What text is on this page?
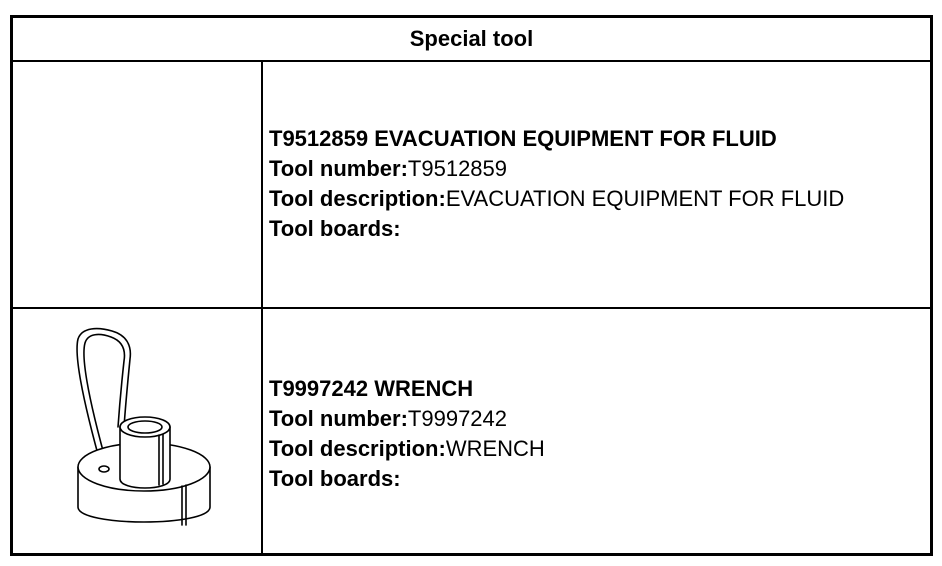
Special tool
T9512859 EVACUATION EQUIPMENT FOR FLUID
Tool number:T9512859
Tool description:EVACUATION EQUIPMENT FOR FLUID
Tool boards:
T9997242 WRENCH
Tool number:T9997242
Tool description:WRENCH
Tool boards:
